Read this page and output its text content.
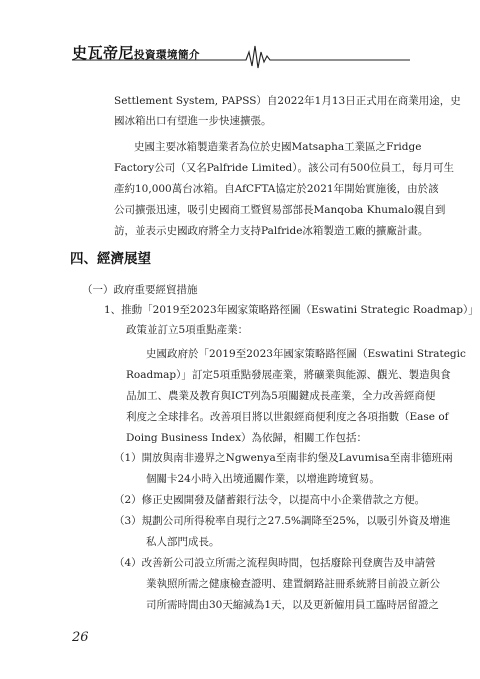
史瓦帝尼投資環境簡介
Settlement System, PAPSS）自2022年1月13日正式用在商業用途，史
國冰箱出口有望進一步快速擴張。
史國主要冰箱製造業者為位於史國Matsapha工業區之Fridge
Factory公司（又名Palfride Limited）。該公司有500位員工，每月可生
產約10,000萬台冰箱。自AfCFTA協定於2021年開始實施後，由於該
公司擴張迅速，吸引史國商工暨貿易部部長Manqoba Khumalo親自到
訪，並表示史國政府將全力支持Palfride冰箱製造工廠的擴廠計畫。
四、經濟展望
（一）政府重要經貿措施
1、推動「2019至2023年國家策略路徑圖（Eswatini Strategic Roadmap）」
政策並訂立5項重點產業：
史國政府於「2019至2023年國家策略路徑圖（Eswatini Strategic
Roadmap）」訂定5項重點發展產業，將礦業與能源、觀光、製造與食
品加工、農業及教育與ICT列為5項關鍵成長產業，全力改善經商便
利度之全球排名。改善項目將以世銀經商便利度之各項指數（Ease of
Doing Business Index）為依歸，相關工作包括：
（1）開放與南非邊界之Ngwenya至南非約堡及Lavumisa至南非德班兩
個關卡24小時入出境通關作業，以增進跨境貿易。
（2）修正史國開發及儲蓄銀行法令，以提高中小企業借款之方便。
（3）規劃公司所得稅率自現行之27.5%調降至25%，以吸引外資及增進
私人部門成長。
（4）改善新公司設立所需之流程與時間，包括廢除刊登廣告及申請營
業執照所需之健康檢查證明、建置網路註冊系統將目前設立新公
司所需時間由30天縮減為1天，以及更新僱用員工臨時居留證之
26
